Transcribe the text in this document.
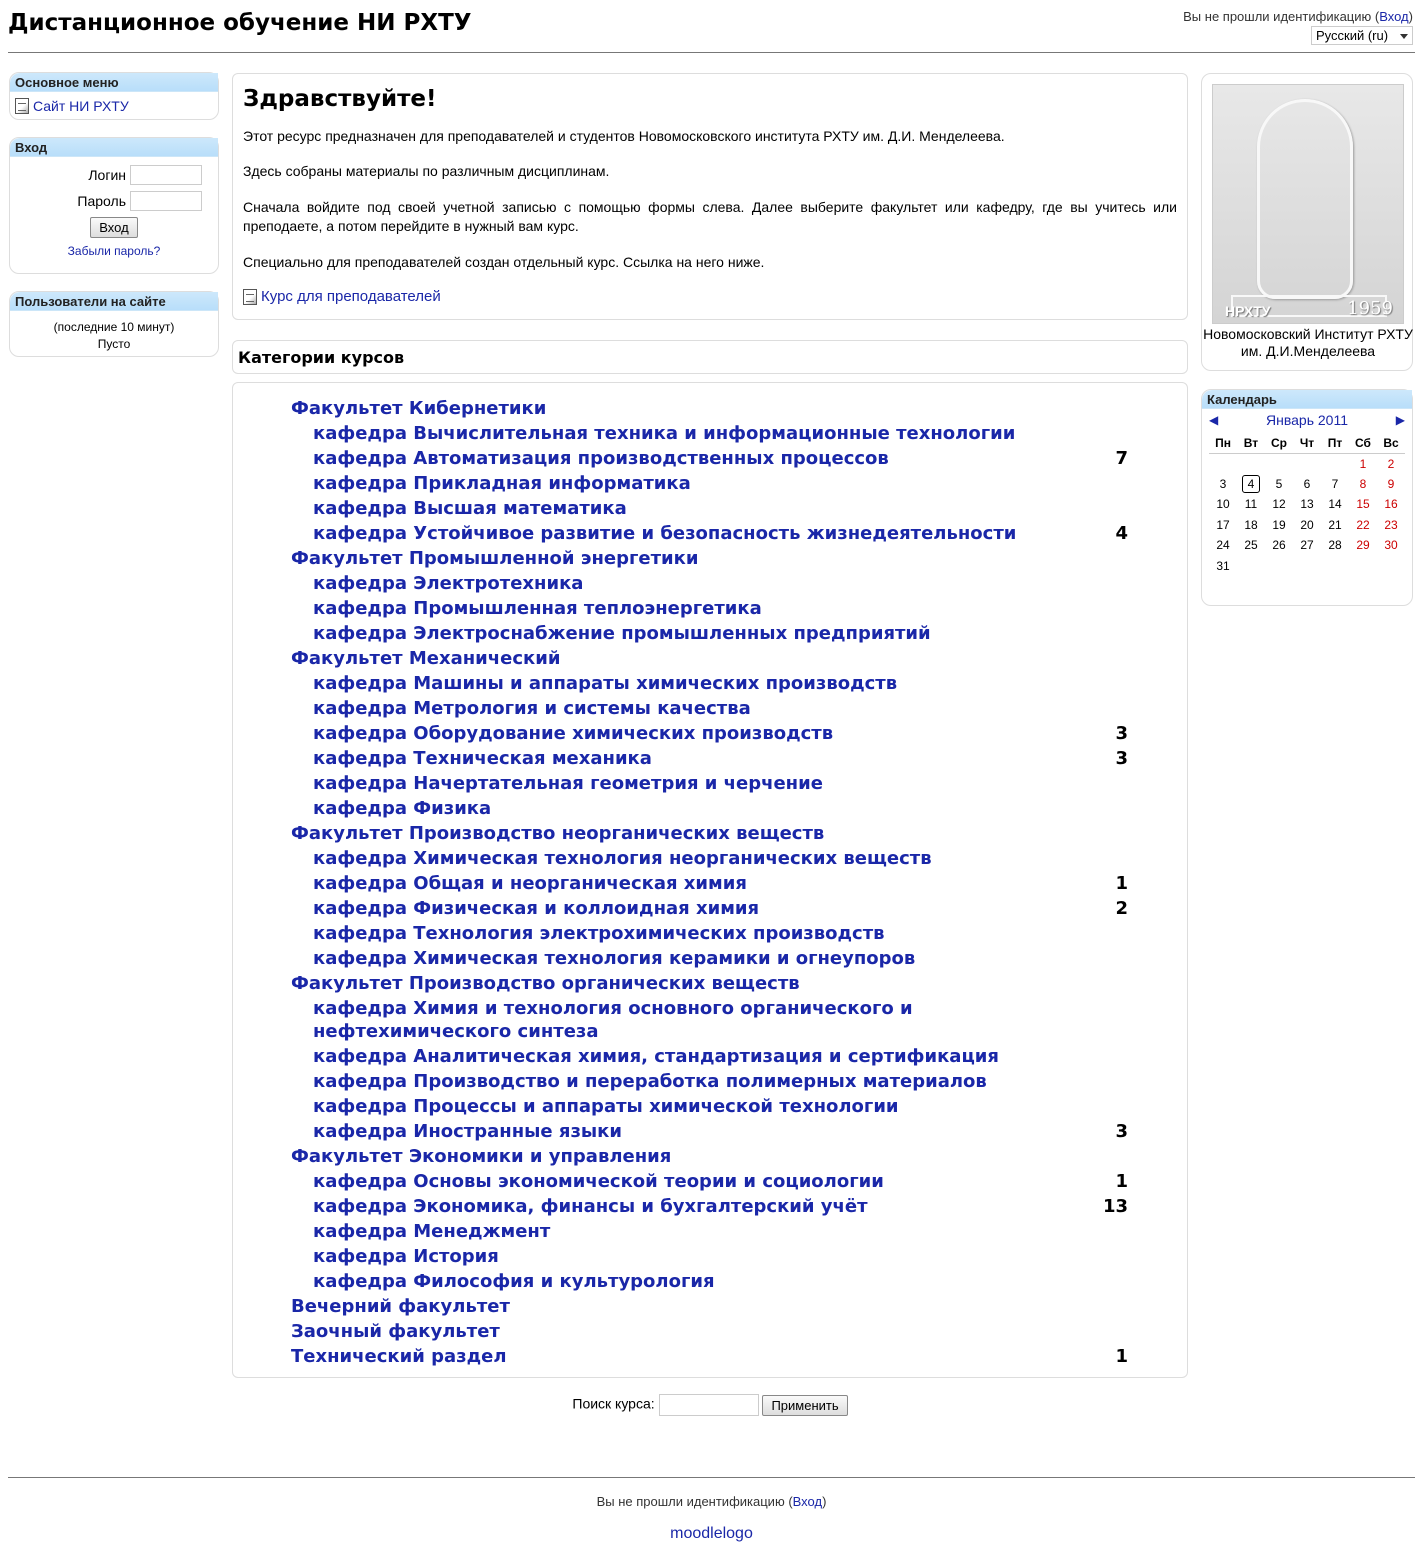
Дистанционное обучение НИ РХТУ	Вы не прошли идентификацию (Вход)
Русский (ru)
Основное меню
Сайт НИ РХТУ
Вход
Логин
Пароль
Вход
Забыли пароль?
Пользователи на сайте
(последние 10 минут)
Пусто
Здравствуйте!

Этот ресурс предназначен для преподавателей и студентов Новомосковского института РХТУ им. Д.И. Менделеева.

Здесь собраны материалы по различным дисциплинам.

Сначала войдите под своей учетной записью с помощью формы слева. Далее выберите факультет или кафедру, где вы учитесь или преподаете, а потом перейдите в нужный вам курс.

Специально для преподавателей создан отдельный курс. Ссылка на него ниже.

Курс для преподавателей
Категории курсов
Факультет Кибернетики
кафедра Вычислительная техника и информационные технологии
кафедра Автоматизация производственных процессов	7
кафедра Прикладная информатика
кафедра Высшая математика
кафедра Устойчивое развитие и безопасность жизнедеятельности	4
Факультет Промышленной энергетики
кафедра Электротехника
кафедра Промышленная теплоэнергетика
кафедра Электроснабжение промышленных предприятий
Факультет Механический
кафедра Машины и аппараты химических производств
кафедра Метрология и системы качества
кафедра Оборудование химических производств	3
кафедра Техническая механика	3
кафедра Начертательная геометрия и черчение
кафедра Физика
Факультет Производство неорганических веществ
кафедра Химическая технология неорганических веществ
кафедра Общая и неорганическая химия	1
кафедра Физическая и коллоидная химия	2
кафедра Технология электрохимических производств
кафедра Химическая технология керамики и огнеупоров
Факультет Производство органических веществ
кафедра Химия и технология основного органического и нефтехимического синтеза
кафедра Аналитическая химия, стандартизация и сертификация
кафедра Производство и переработка полимерных материалов
кафедра Процессы и аппараты химической технологии
кафедра Иностранные языки	3
Факультет Экономики и управления
кафедра Основы экономической теории и социологии	1
кафедра Экономика, финансы и бухгалтерский учёт	13
кафедра Менеджмент
кафедра История
кафедра Философия и культурология
Вечерний факультет
Заочный факультет
Технический раздел	1
Поиск курса:	Применить
НРХТУ	1959
Новомосковский Институт РХТУ им. Д.И.Менделеева
Календарь
◀	Январь 2011	▶
Пн	Вт	Ср	Чт	Пт	Сб	Вс
					1	2
3	4	5	6	7	8	9
10	11	12	13	14	15	16
17	18	19	20	21	22	23
24	25	26	27	28	29	30
31						
Вы не прошли идентификацию (Вход)
moodlelogo
